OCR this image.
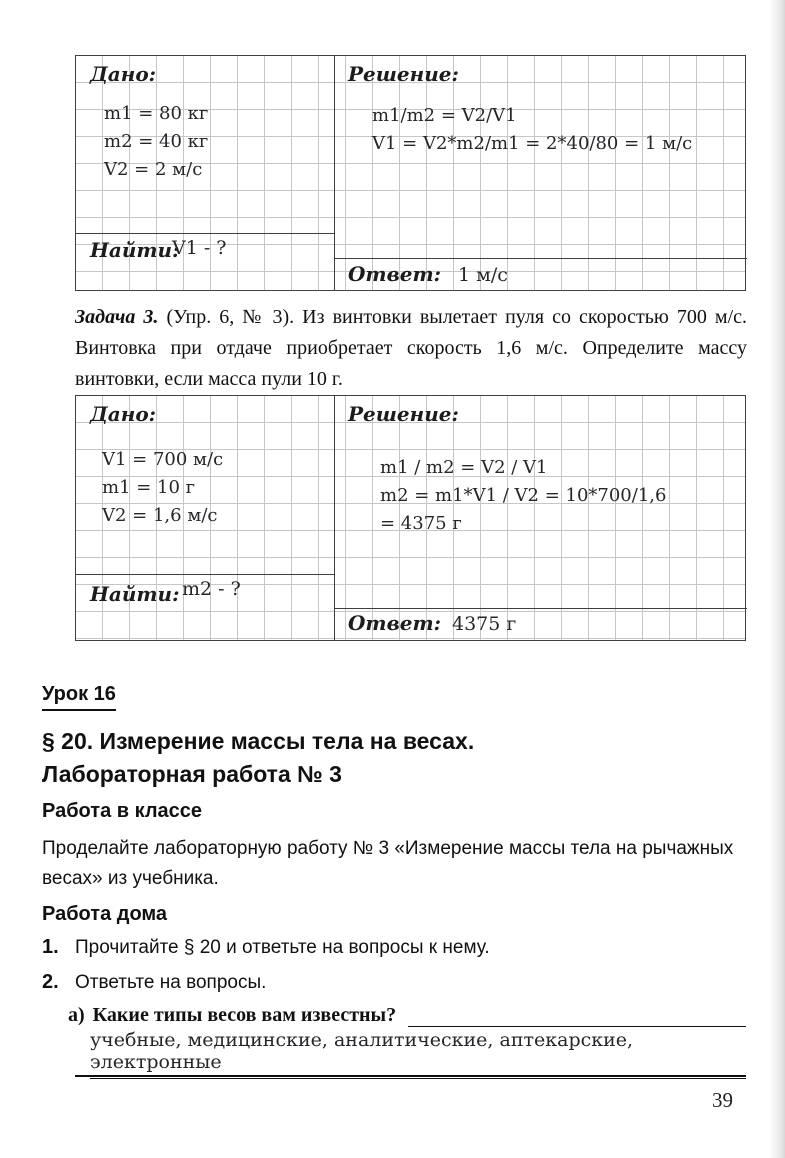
Дано:
m1 = 80 кг
m2 = 40 кг
V2 = 2 м/с
Найти:
V1 - ?
Решение:
m1/m2 = V2/V1
V1 = V2*m2/m1 = 2*40/80 = 1 м/с
Ответ: 1 м/с

Задача 3. (Упр. 6, № 3). Из винтовки вылетает пуля со скоростью 700 м/с. Винтовка при отдаче приобретает скорость 1,6 м/с. Определите массу винтовки, если масса пули 10 г.

Дано:
V1 = 700 м/с
m1 = 10 г
V2 = 1,6 м/с
Найти: m2 - ?
Решение:
m1 / m2 = V2 / V1
m2 = m1*V1 / V2 = 10*700/1,6
= 4375 г
Ответ: 4375 г
Урок 16
§ 20. Измерение массы тела на весах.
Лабораторная работа № 3
Работа в классе

Проделайте лабораторную работу № 3 «Измерение массы тела на рычажных весах» из учебника.

Работа дома
1. Прочитайте § 20 и ответьте на вопросы к нему.
2. Ответьте на вопросы.
а) Какие типы весов вам известны?
учебные, медицинские, аналитические, аптекарские, электронные
39
